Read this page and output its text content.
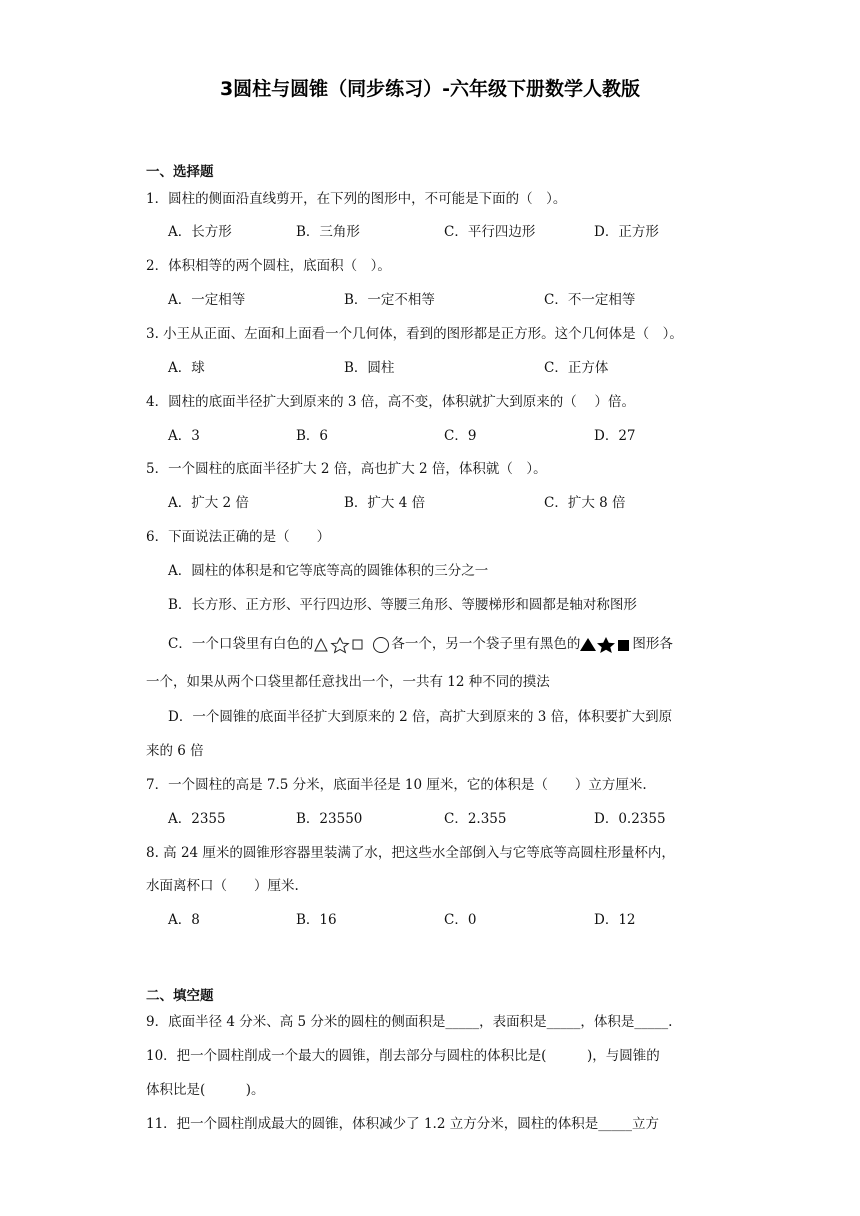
3圆柱与圆锥（同步练习）-六年级下册数学人教版
一、选择题
1．圆柱的侧面沿直线剪开，在下列的图形中，不可能是下面的（　）。
A．长方形	B．三角形	C．平行四边形	D．正方形
2．体积相等的两个圆柱，底面积（　）。
A．一定相等	B．一定不相等	C．不一定相等
3. 小王从正面、左面和上面看一个几何体，看到的图形都是正方形。这个几何体是（　）。
A．球	B．圆柱	C．正方体
4．圆柱的底面半径扩大到原来的 3 倍，高不变，体积就扩大到原来的（　 ）倍。
A．3	B．6	C．9	D．27
5．一个圆柱的底面半径扩大 2 倍，高也扩大 2 倍，体积就（　）。
A．扩大 2 倍	B．扩大 4 倍	C．扩大 8 倍
6．下面说法正确的是（　　）
A．圆柱的体积是和它等底等高的圆锥体积的三分之一
B．长方形、正方形、平行四边形、等腰三角形、等腰梯形和圆都是轴对称图形
C．一个口袋里有白色的	各一个，另一个袋子里有黑色的	图形各
一个，如果从两个口袋里都任意找出一个，一共有 12 种不同的摸法
D．一个圆锥的底面半径扩大到原来的 2 倍，高扩大到原来的 3 倍，体积要扩大到原
来的 6 倍
7．一个圆柱的高是 7.5 分米，底面半径是 10 厘米，它的体积是（　　）立方厘米.
A．2355	B．23550	C．2.355	D．0.2355
8. 高 24 厘米的圆锥形容器里装满了水，把这些水全部倒入与它等底等高圆柱形量杯内，
水面离杯口（　　）厘米.
A．8	B．16	C．0	D．12
二、填空题
9．底面半径 4 分米、高 5 分米的圆柱的侧面积是_____，表面积是_____，体积是_____.
10．把一个圆柱削成一个最大的圆锥，削去部分与圆柱的体积比是(　　　)，与圆锥的
体积比是(　　　)。
11．把一个圆柱削成最大的圆锥，体积减少了 1.2 立方分米，圆柱的体积是_____立方
